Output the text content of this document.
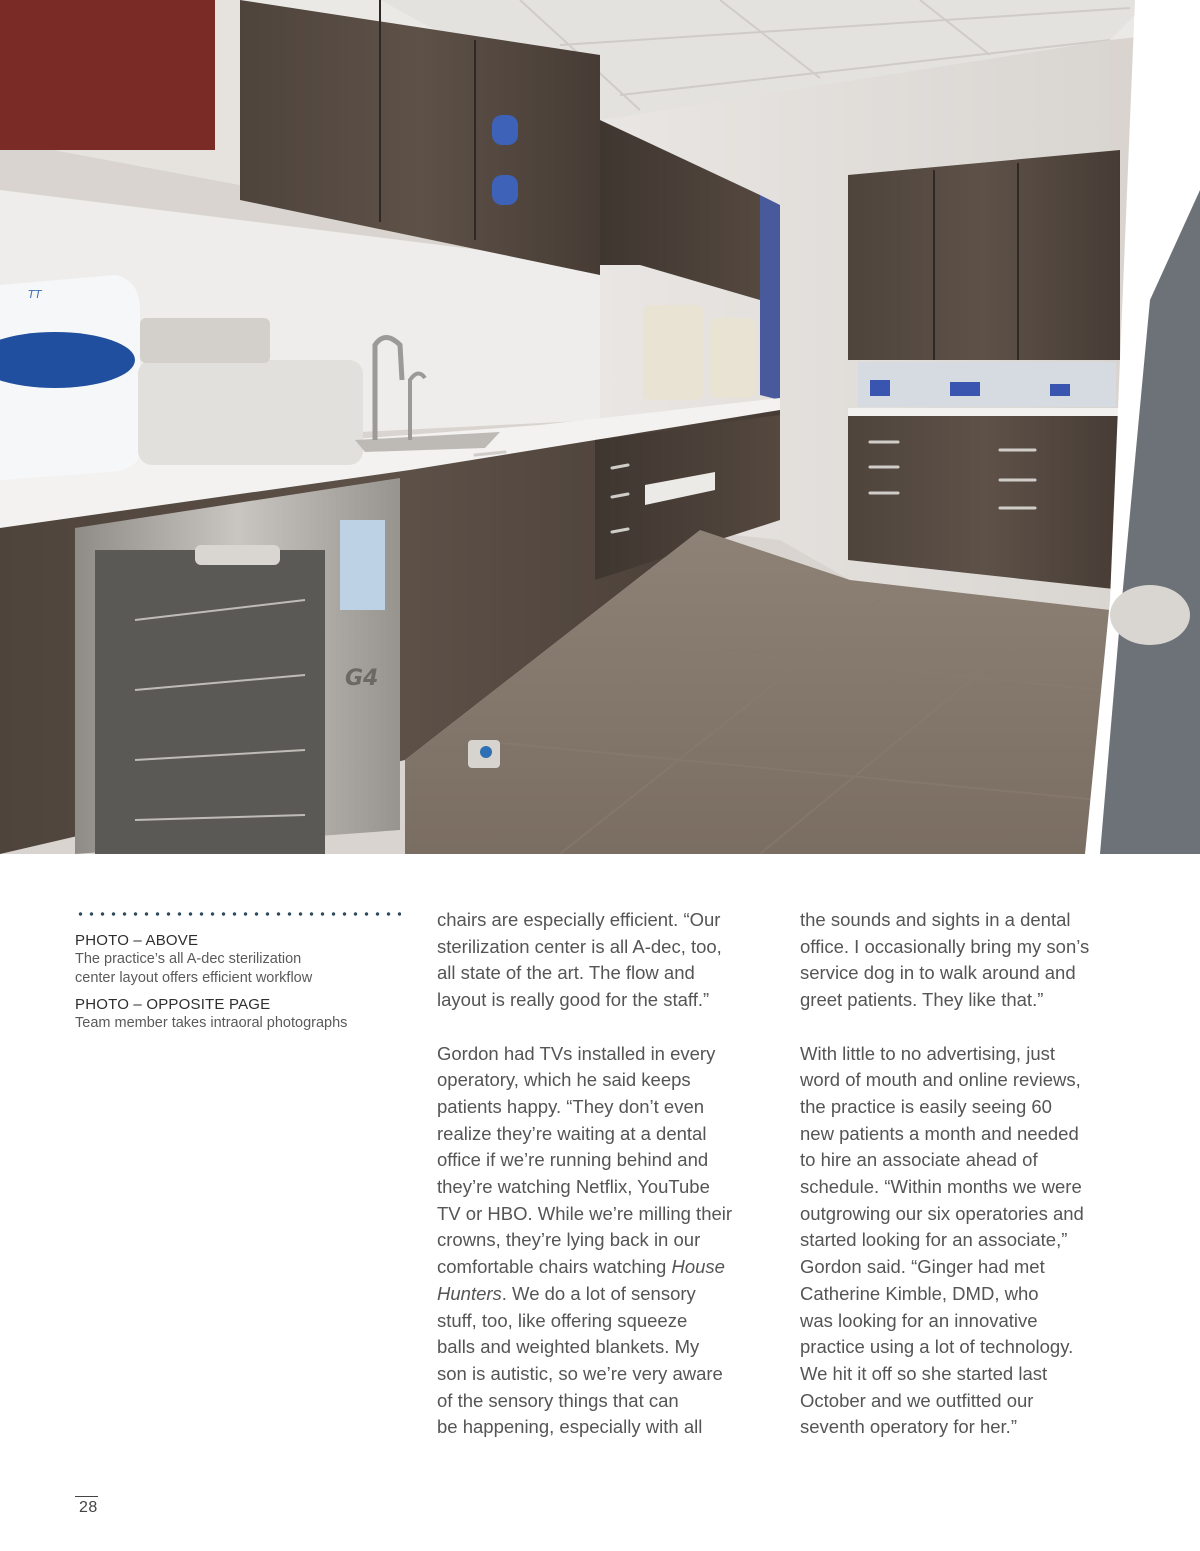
G4
TT

PHOTO – ABOVE

The practice’s all A-dec sterilization
center layout offers efficient workflow

PHOTO – OPPOSITE PAGE

Team member takes intraoral photographs

chairs are especially efficient. “Our
sterilization center is all A-dec, too,
all state of the art. The flow and
layout is really good for the staff.”

Gordon had TVs installed in every
operatory, which he said keeps
patients happy. “They don’t even
realize they’re waiting at a dental
office if we’re running behind and
they’re watching Netflix, YouTube
TV or HBO. While we’re milling their
crowns, they’re lying back in our
comfortable chairs watching House
Hunters. We do a lot of sensory
stuff, too, like offering squeeze
balls and weighted blankets. My
son is autistic, so we’re very aware
of the sensory things that can
be happening, especially with all

the sounds and sights in a dental
office. I occasionally bring my son’s
service dog in to walk around and
greet patients. They like that.”

With little to no advertising, just
word of mouth and online reviews,
the practice is easily seeing 60
new patients a month and needed
to hire an associate ahead of
schedule. “Within months we were
outgrowing our six operatories and
started looking for an associate,”
Gordon said. “Ginger had met
Catherine Kimble, DMD, who
was looking for an innovative
practice using a lot of technology.
We hit it off so she started last
October and we outfitted our
seventh operatory for her.”

28
